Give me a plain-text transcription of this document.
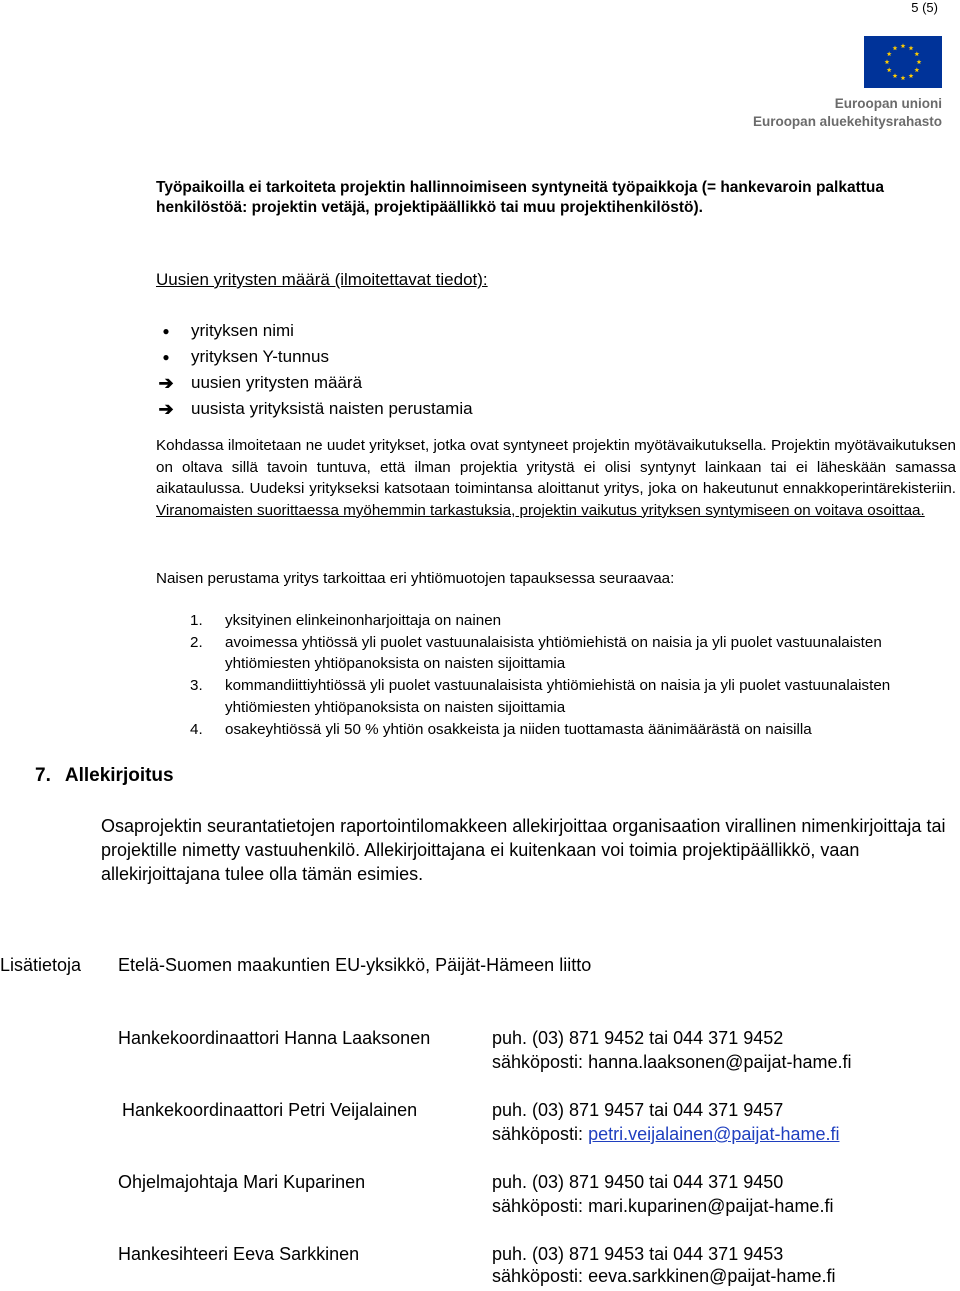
5 (5)
Euroopan unioni
Euroopan aluekehitysrahasto
Työpaikoilla ei tarkoiteta projektin hallinnoimiseen syntyneitä työpaikkoja (= hankevaroin palkattua henkilöstöä: projektin vetäjä, projektipäällikkö tai muu projektihenkilöstö).
Uusien yritysten määrä (ilmoitettavat tiedot):
●	yrityksen nimi
●	yrityksen Y-tunnus
➔ uusien yritysten määrä
➔ uusista yrityksistä naisten perustamia
Kohdassa ilmoitetaan ne uudet yritykset, jotka ovat syntyneet projektin myötävaikutuksella. Projektin myötävaikutuksen on oltava sillä tavoin tuntuva, että ilman projektia yritystä ei olisi syntynyt lainkaan tai ei läheskään samassa aikataulussa. Uudeksi yritykseksi katsotaan toimintansa aloittanut yritys, joka on hakeutunut ennakkoperintärekisteriin. Viranomaisten suorittaessa myöhemmin tarkastuksia, projektin vaikutus yrityksen syntymiseen on voitava osoittaa.
Naisen perustama yritys tarkoittaa eri yhtiömuotojen tapauksessa seuraavaa:
1. yksityinen elinkeinonharjoittaja on nainen
2. avoimessa yhtiössä yli puolet vastuunalaisista yhtiömiehistä on naisia ja yli puolet vastuunalaisten yhtiömiesten yhtiöpanoksista on naisten sijoittamia
3. kommandiittiyhtiössä yli puolet vastuunalaisista yhtiömiehistä on naisia ja yli puolet vastuunalaisten yhtiömiesten yhtiöpanoksista on naisten sijoittamia
4. osakeyhtiössä yli 50 % yhtiön osakkeista ja niiden tuottamasta äänimäärästä on naisilla
7. Allekirjoitus
Osaprojektin seurantatietojen raportointilomakkeen allekirjoittaa organisaation virallinen nimenkirjoittaja tai projektille nimetty vastuuhenkilö. Allekirjoittajana ei kuitenkaan voi toimia projektipäällikkö, vaan allekirjoittajana tulee olla tämän esimies.
Lisätietoja Etelä-Suomen maakuntien EU-yksikkö, Päijät-Hämeen liitto
Hankekoordinaattori Hanna Laaksonen	puh. (03) 871 9452 tai 044 371 9452
sähköposti: hanna.laaksonen@paijat-hame.fi
Hankekoordinaattori Petri Veijalainen	puh. (03) 871 9457 tai 044 371 9457
sähköposti: petri.veijalainen@paijat-hame.fi
Ohjelmajohtaja Mari Kuparinen	puh. (03) 871 9450 tai 044 371 9450
sähköposti: mari.kuparinen@paijat-hame.fi
Hankesihteeri Eeva Sarkkinen	puh. (03) 871 9453 tai 044 371 9453
sähköposti: eeva.sarkkinen@paijat-hame.fi
